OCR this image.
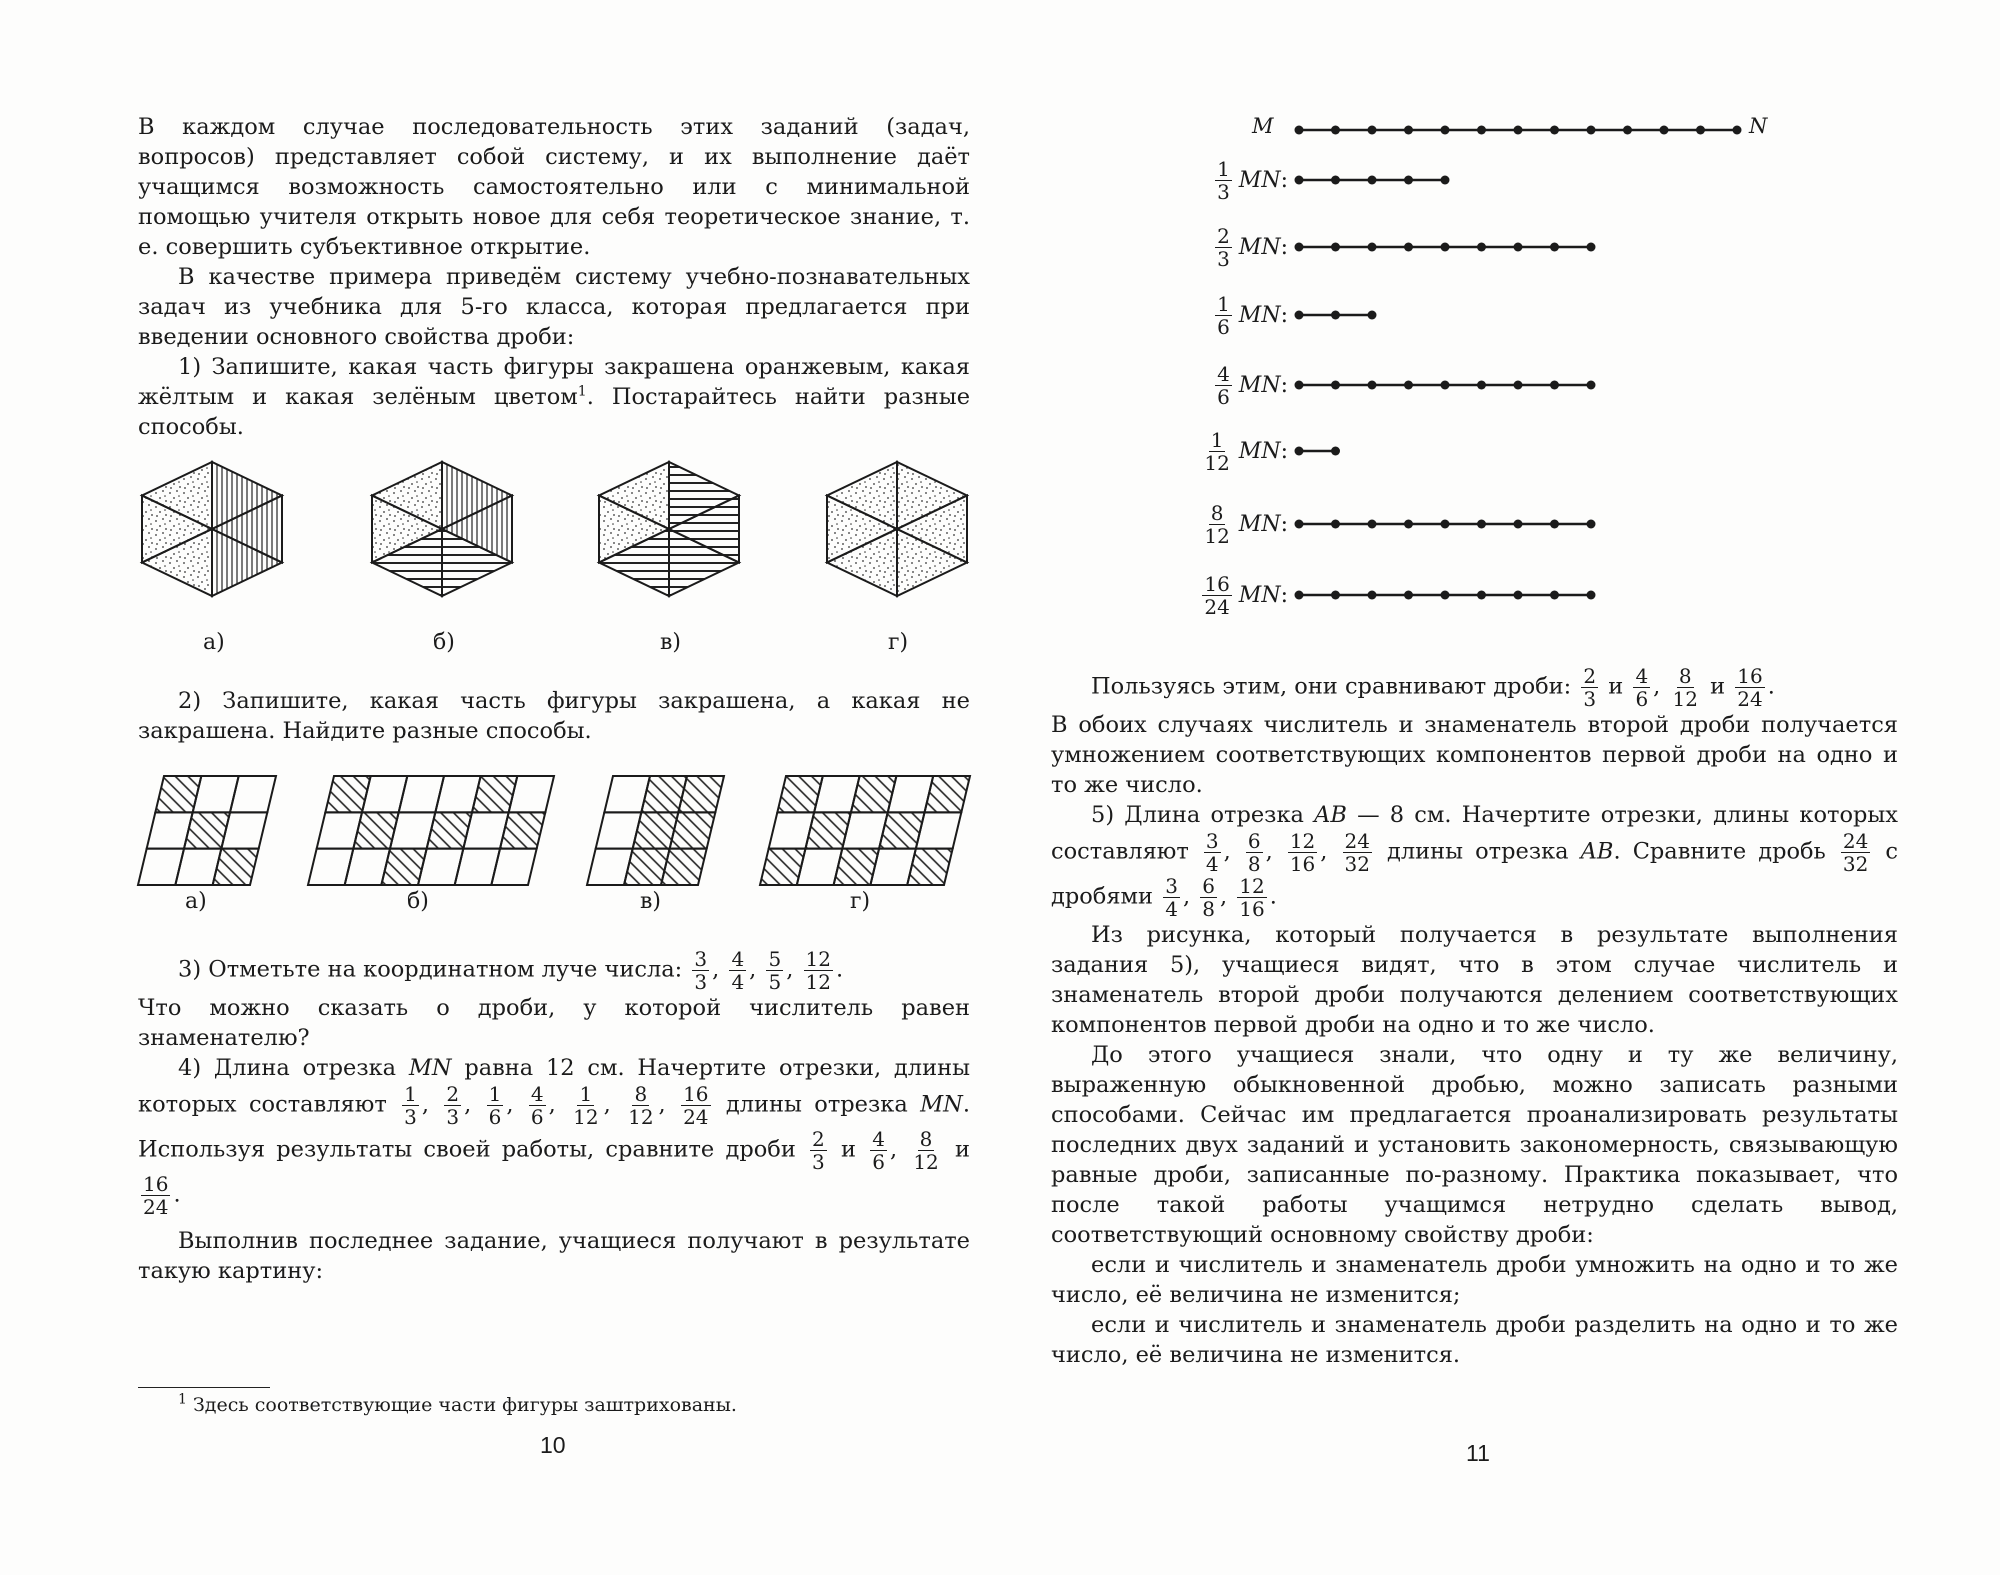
В каждом случае последовательность этих заданий (задач, вопросов) представляет собой систему, и их выполнение даёт учащимся возможность самостоятельно или с минимальной помощью учителя открыть новое для себя теоретическое знание, т. е. совершить субъективное открытие.

В качестве примера приведём систему учебно-познавательных задач из учебника для 5-го класса, которая предлагается при введении основного свойства дроби:

1) Запишите, какая часть фигуры закрашена оранжевым, какая жёлтым и какая зелёным цветом$^1$. Постарайтесь найти разные способы.

а)	б)	в)	г)

2) Запишите, какая часть фигуры закрашена, а какая не закрашена. Найдите разные способы.

а)	б)	в)	г)

3) Отметьте на координатном луче числа: $\frac{3}{3}$ , $\frac{4}{4}$ , $\frac{5}{5}$ , $\frac{12}{12}$ .

Что можно сказать о дроби, у которой числитель равен знаменателю?

4) Длина отрезка MN равна 12 см. Начертите отрезки, длины которых составляют $\frac{1}{3}$ , $\frac{2}{3}$ , $\frac{1}{6}$ , $\frac{4}{6}$ , $\frac{1}{12}$ , $\frac{8}{12}$ , $\frac{16}{24}$ длины отрезка MN. Используя результаты своей работы, сравните дроби $\frac{2}{3}$ и $\frac{4}{6}$ , $\frac{8}{12}$ и
$\frac{16}{24}$ .

Выполнив последнее задание, учащиеся получают в результате такую картину:

$^1$ Здесь соответствующие части фигуры заштрихованы.
10
M	N
$\frac{1}{3}$ MN :
$\frac{2}{3}$ MN :
$\frac{1}{6}$ MN :
$\frac{4}{6}$ MN :
$\frac{1}{12}$ MN :
$\frac{8}{12}$ MN :
$\frac{16}{24}$ MN :

Пользуясь этим, они сравнивают дроби: $\frac{2}{3}$ и $\frac{4}{6}$ , $\frac{8}{12}$ и $\frac{16}{24}$ .

В обоих случаях числитель и знаменатель второй дроби получается умножением соответствующих компонентов первой дроби на одно и то же число.

5) Длина отрезка AB — 8 см. Начертите отрезки, длины которых составляют $\frac{3}{4}$ , $\frac{6}{8}$ , $\frac{12}{16}$ , $\frac{24}{32}$ длины отрезка AB. Сравните дробь $\frac{24}{32}$ с дробями $\frac{3}{4}$ , $\frac{6}{8}$ , $\frac{12}{16}$ .

Из рисунка, который получается в результате выполнения задания 5), учащиеся видят, что в этом случае числитель и знаменатель второй дроби получаются делением соответствующих компонентов первой дроби на одно и то же число.

До этого учащиеся знали, что одну и ту же величину, выраженную обыкновенной дробью, можно записать разными способами. Сейчас им предлагается проанализировать результаты последних двух заданий и установить закономерность, связывающую равные дроби, записанные по-разному. Практика показывает, что после такой работы учащимся нетрудно сделать вывод, соответствующий основному свойству дроби:

если и числитель и знаменатель дроби умножить на одно и то же число, её величина не изменится;

если и числитель и знаменатель дроби разделить на одно и то же число, её величина не изменится.

11
